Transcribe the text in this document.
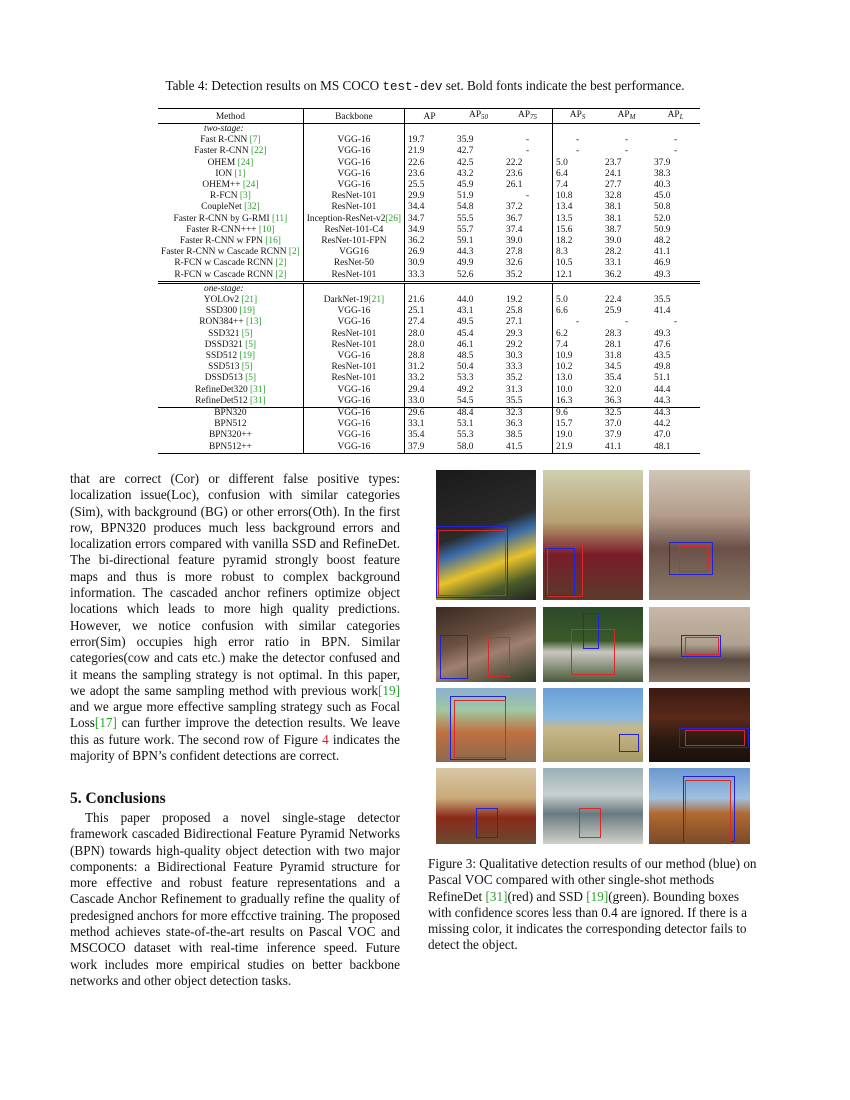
Table 4: Detection results on MS COCO test-dev set. Bold fonts indicate the best performance.
Method	Backbone	AP	$AP_{50}$	$AP_{75}$	$AP_S$	$AP_M$	$AP_L$
two-stage:							
Fast R-CNN [7]	VGG-16	19.7	35.9	-	-	-	-
Faster R-CNN [22]	VGG-16	21.9	42.7	-	-	-	-
OHEM [24]	VGG-16	22.6	42.5	22.2	5.0	23.7	37.9
ION [1]	VGG-16	23.6	43.2	23.6	6.4	24.1	38.3
OHEM++ [24]	VGG-16	25.5	45.9	26.1	7.4	27.7	40.3
R-FCN [3]	ResNet-101	29.9	51.9	-	10.8	32.8	45.0
CoupleNet [32]	ResNet-101	34.4	54.8	37.2	13.4	38.1	50.8
Faster R-CNN by G-RMI [11]	Inception-ResNet-v2[26]	34.7	55.5	36.7	13.5	38.1	52.0
Faster R-CNN+++ [10]	ResNet-101-C4	34.9	55.7	37.4	15.6	38.7	50.9
Faster R-CNN w FPN [16]	ResNet-101-FPN	36.2	59.1	39.0	18.2	39.0	48.2
Faster R-CNN w Cascade RCNN [2]	VGG16	26.9	44.3	27.8	8.3	28.2	41.1
R-FCN w Cascade RCNN [2]	ResNet-50	30.9	49.9	32.6	10.5	33.1	46.9
R-FCN w Cascade RCNN [2]	ResNet-101	33.3	52.6	35.2	12.1	36.2	49.3
one-stage:							
YOLOv2 [21]	DarkNet-19[21]	21.6	44.0	19.2	5.0	22.4	35.5
SSD300 [19]	VGG-16	25.1	43.1	25.8	6.6	25.9	41.4
RON384++ [13]	VGG-16	27.4	49.5	27.1	-	-	-
SSD321 [5]	ResNet-101	28.0	45.4	29.3	6.2	28.3	49.3
DSSD321 [5]	ResNet-101	28.0	46.1	29.2	7.4	28.1	47.6
SSD512 [19]	VGG-16	28.8	48.5	30.3	10.9	31.8	43.5
SSD513 [5]	ResNet-101	31.2	50.4	33.3	10.2	34.5	49.8
DSSD513 [5]	ResNet-101	33.2	53.3	35.2	13.0	35.4	51.1
RefineDet320 [31]	VGG-16	29.4	49.2	31.3	10.0	32.0	44.4
RefineDet512 [31]	VGG-16	33.0	54.5	35.5	16.3	36.3	44.3
BPN320	VGG-16	29.6	48.4	32.3	9.6	32.5	44.3
BPN512	VGG-16	33.1	53.1	36.3	15.7	37.0	44.2
BPN320++	VGG-16	35.4	55.3	38.5	19.0	37.9	47.0
BPN512++	VGG-16	37.9	58.0	41.5	21.9	41.1	48.1

that are correct (Cor) or different false positive types: localization issue(Loc), confusion with similar categories (Sim), with background (BG) or other errors(Oth). In the first row, BPN320 produces much less background errors and localization errors compared with vanilla SSD and RefineDet. The bi-directional feature pyramid strongly boost feature maps and thus is more robust to complex background information. The cascaded anchor refiners optimize object locations which leads to more high quality predictions. However, we notice confusion with similar categories error(Sim) occupies high error ratio in BPN. Similar categories(cow and cats etc.) make the detector confused and it means the sampling strategy is not optimal. In this paper, we adopt the same sampling method with previous work[19] and we argue more effective sampling strategy such as Focal Loss[17] can further improve the detection results. We leave this as future work. The second row of Figure 4 indicates the majority of BPN’s confident detections are correct.

5. Conclusions

This paper proposed a novel single-stage detector framework cascaded Bidirectional Feature Pyramid Networks (BPN) towards high-quality object detection with two major components: a Bidirectional Feature Pyramid structure for more effective and robust feature representations and a Cascade Anchor Refinement to gradually refine the quality of predesigned anchors for more effcctive training. The proposed method achieves state-of-the-art results on Pascal VOC and MSCOCO dataset with real-time inference speed. Future work includes more empirical studies on better backbone networks and other object detection tasks.

Figure 3: Qualitative detection results of our method (blue) on Pascal VOC compared with other single-shot methods RefineDet [31](red) and SSD [19](green). Bounding boxes with confidence scores less than 0.4 are ignored. If there is a missing color, it indicates the corresponding detector fails to detect the object.
